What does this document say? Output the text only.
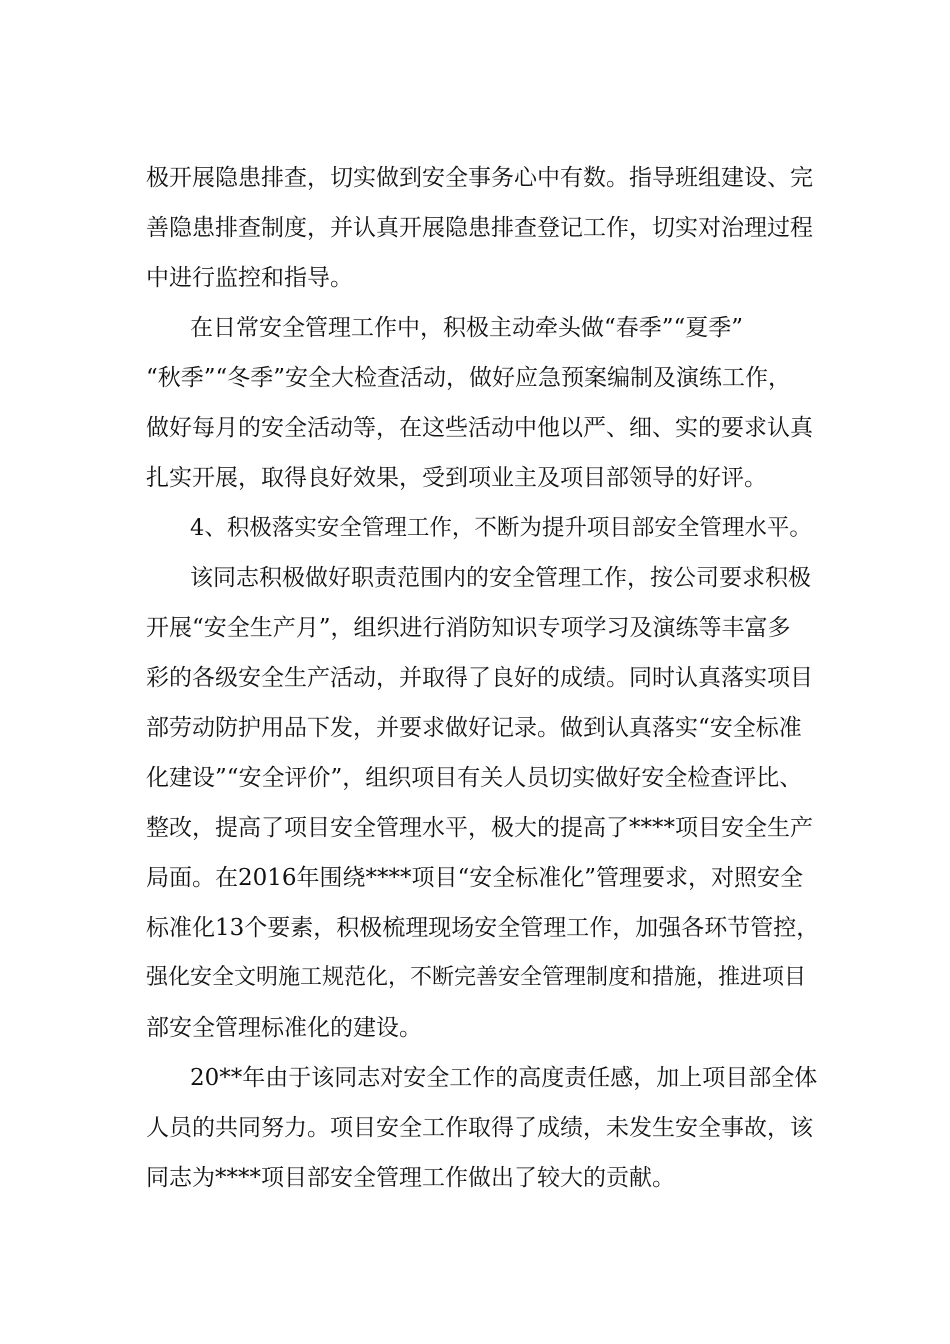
极开展隐患排查，切实做到安全事务心中有数。指导班组建设、完
善隐患排查制度，并认真开展隐患排查登记工作，切实对治理过程
中进行监控和指导。
在日常安全管理工作中，积极主动牵头做“春季”“夏季”
“秋季”“冬季”安全大检查活动，做好应急预案编制及演练工作，
做好每月的安全活动等，在这些活动中他以严、细、实的要求认真
扎实开展，取得良好效果，受到项业主及项目部领导的好评。
4、积极落实安全管理工作，不断为提升项目部安全管理水平。
该同志积极做好职责范围内的安全管理工作，按公司要求积极
开展“安全生产月”，组织进行消防知识专项学习及演练等丰富多
彩的各级安全生产活动，并取得了良好的成绩。同时认真落实项目
部劳动防护用品下发，并要求做好记录。做到认真落实“安全标准
化建设”“安全评价”，组织项目有关人员切实做好安全检查评比、
整改，提高了项目安全管理水平，极大的提高了****项目安全生产
局面。在2016年围绕****项目“安全标准化”管理要求，对照安全
标准化13个要素，积极梳理现场安全管理工作，加强各环节管控，
强化安全文明施工规范化，不断完善安全管理制度和措施，推进项目
部安全管理标准化的建设。
20**年由于该同志对安全工作的高度责任感，加上项目部全体
人员的共同努力。项目安全工作取得了成绩，未发生安全事故，该
同志为****项目部安全管理工作做出了较大的贡献。
